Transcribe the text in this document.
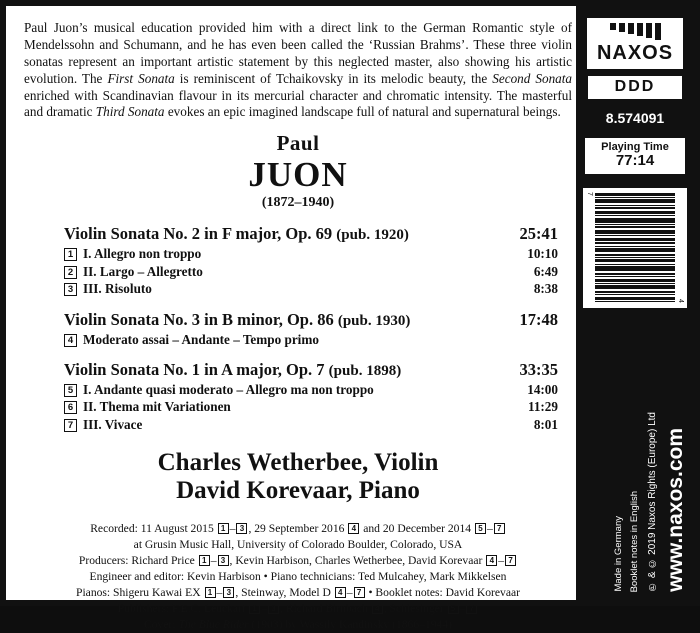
Paul Juon’s musical education provided him with a direct link to the German Romantic style of Mendelssohn and Schumann, and he has even been called the ‘Russian Brahms’. These three violin sonatas represent an important artistic statement by this neglected master, also showing his artistic evolution. The First Sonata is reminiscent of Tchaikovsky in its melodic beauty, the Second Sonata enriched with Scandinavian flavour in its mercurial character and chromatic intensity. The masterful and dramatic Third Sonata evokes an epic imagined landscape full of natural and supernatural beings.

Paul
JUON
(1872–1940)
Violin Sonata No. 2 in F major, Op. 69 (pub. 1920)	25:41
1 I. Allegro non troppo	10:10
2 II. Largo – Allegretto	6:49
3 III. Risoluto	8:38
Violin Sonata No. 3 in B minor, Op. 86 (pub. 1930)	17:48
4 Moderato assai – Andante – Tempo primo
Violin Sonata No. 1 in A major, Op. 7 (pub. 1898)	33:35
5 I. Andante quasi moderato – Allegro ma non troppo	14:00
6 II. Thema mit Variationen	11:29
7 III. Vivace	8:01
Charles Wetherbee, Violin
David Korevaar, Piano
Recorded: 11 August 2015 1 – 3 , 29 September 2016 4 and 20 December 2014 5 – 7
at Grusin Music Hall, University of Colorado Boulder, Colorado, USA
Producers: Richard Price 1 – 3 , Kevin Harbison, Charles Wetherbee, David Korevaar 4 – 7
Engineer and editor: Kevin Harbison • Piano technicians: Ted Mulcahey, Mark Mikkelsen
Pianos: Shigeru Kawai EX 1 – 3 , Steinway, Model D 4 – 7 • Booklet notes: David Korevaar
Publishers: F.E.C. Leuckart 1 – 3 , Richard Birnbach 4 , Schlesinger 5 – 7
Cover: The Blue Rider (1903) by Wassily Kandinsky (1866–1944)
NAXOS
DDD
8.574091
Playing Time
77:14
7
4
www.naxos.com
℗ & © 2019 Naxos Rights (Europe) Ltd
Booklet notes in English
Made in Germany
